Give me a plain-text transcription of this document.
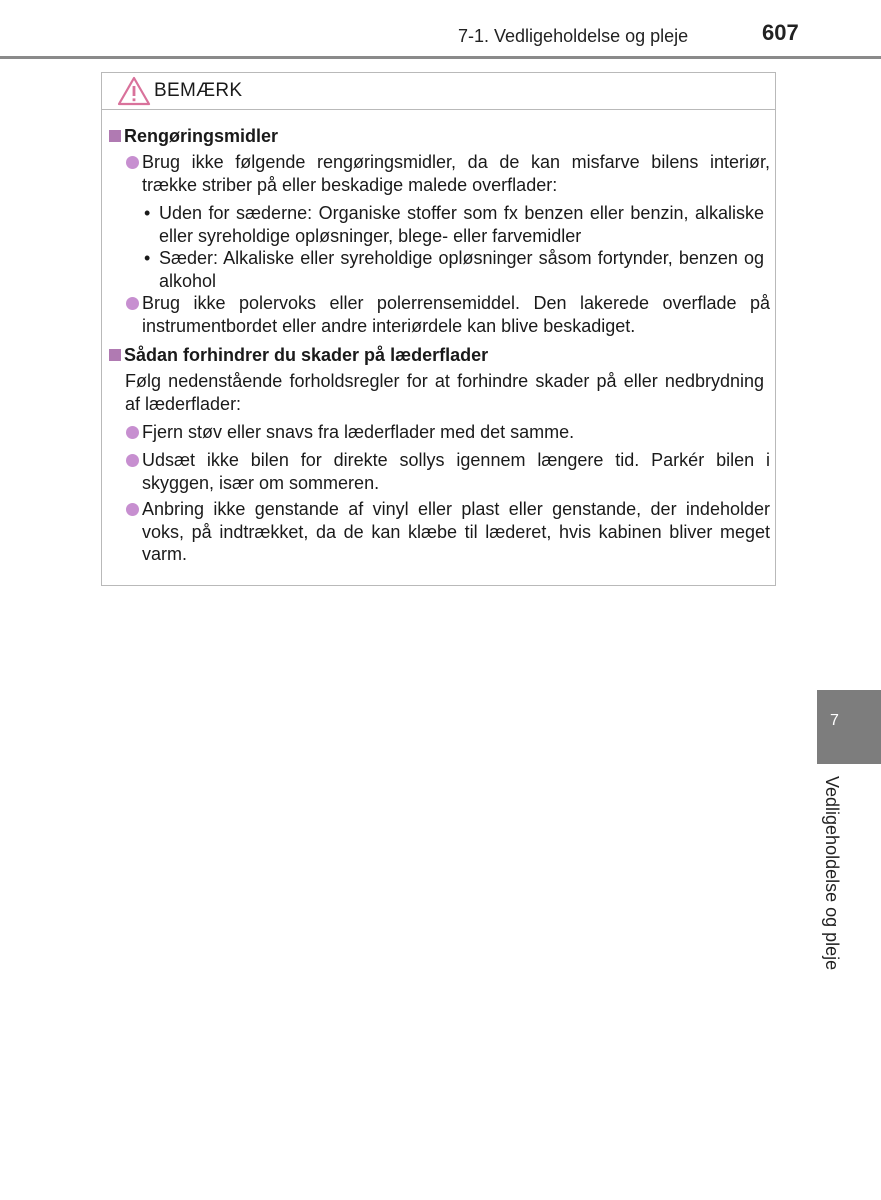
7-1. Vedligeholdelse og pleje	607
BEMÆRK
Rengøringsmidler
Brug ikke følgende rengøringsmidler, da de kan misfarve bilens interiør, trække striber på eller beskadige malede overflader:
• Uden for sæderne: Organiske stoffer som fx benzen eller benzin, alkaliske eller syreholdige opløsninger, blege- eller farvemidler
• Sæder: Alkaliske eller syreholdige opløsninger såsom fortynder, benzen og alkohol
Brug ikke polervoks eller polerrensemiddel. Den lakerede overflade på instrumentbordet eller andre interiørdele kan blive beskadiget.
Sådan forhindrer du skader på læderflader
Følg nedenstående forholdsregler for at forhindre skader på eller nedbrydning af læderflader:
Fjern støv eller snavs fra læderflader med det samme.
Udsæt ikke bilen for direkte sollys igennem længere tid. Parkér bilen i skyggen, især om sommeren.
Anbring ikke genstande af vinyl eller plast eller genstande, der indeholder voks, på indtrækket, da de kan klæbe til læderet, hvis kabinen bliver meget varm.
7
Vedligeholdelse og pleje
